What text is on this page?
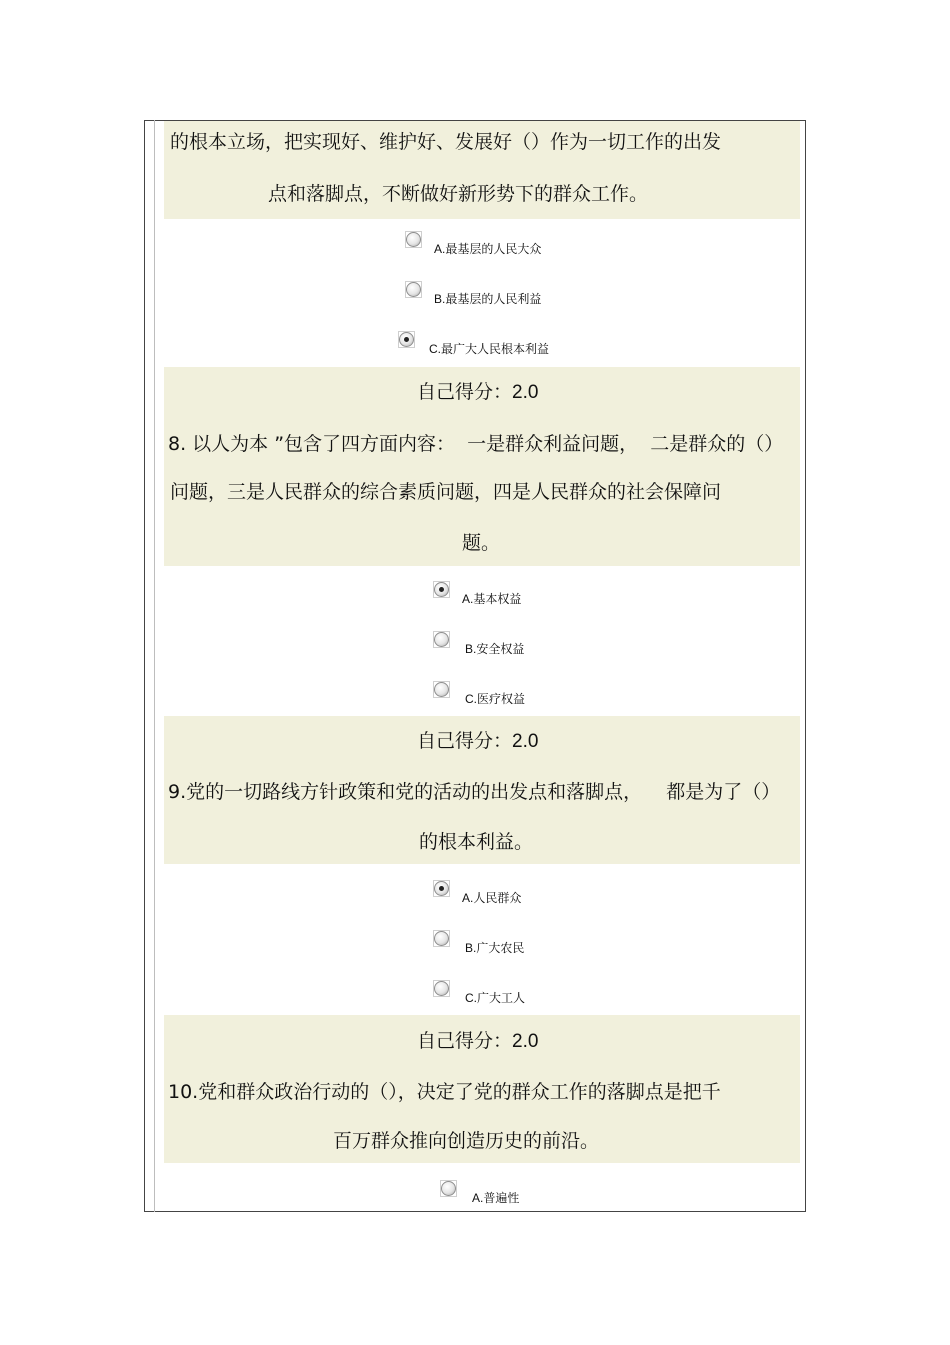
的根本立场，把实现好、维护好、发展好（）作为一切工作的出发
点和落脚点，不断做好新形势下的群众工作。
A.最基层的人民大众
B.最基层的人民利益
C.最广大人民根本利益
自己得分：2.0
8. 以人为本 ”包含了四方面内容：  一是群众利益问题，  二是群众的（）
问题，三是人民群众的综合素质问题，四是人民群众的社会保障问
题。
A.基本权益
B.安全权益
C.医疗权益
自己得分：2.0
9.党的一切路线方针政策和党的活动的出发点和落脚点，    都是为了（）
的根本利益。
A.人民群众
B.广大农民
C.广大工人
自己得分：2.0
10.党和群众政治行动的（），决定了党的群众工作的落脚点是把千
百万群众推向创造历史的前沿。
A.普遍性
